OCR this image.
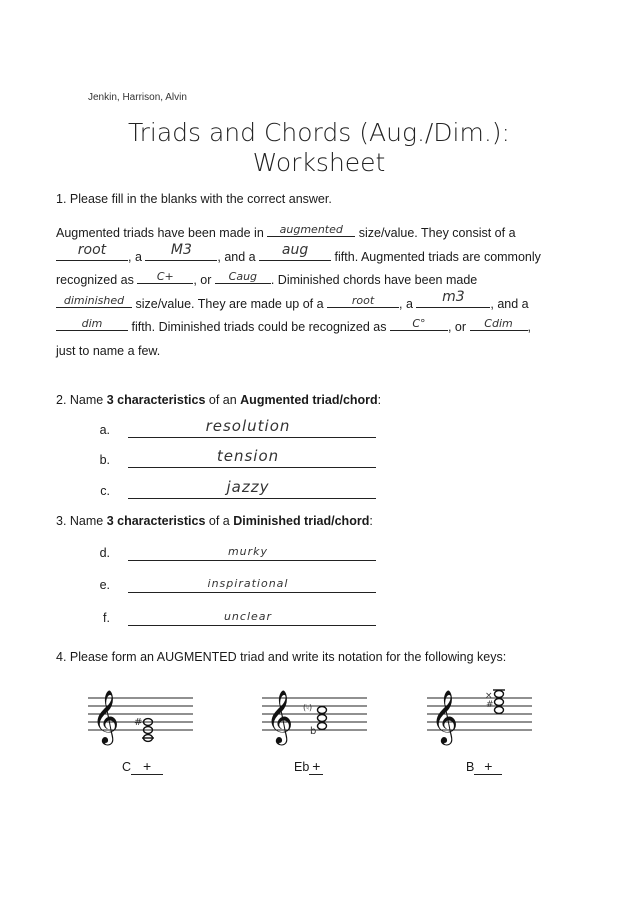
Jenkin, Harrison, Alvin
Triads and Chords (Aug./Dim.):
Worksheet
1. Please fill in the blanks with the correct answer.
Augmented triads have been made in	augmented size/value. They consist of a
root	, a	M3	, and a	aug	fifth. Augmented triads are commonly
recognized as	C+	, or	Caug	. Diminished chords have been made
diminished size/value. They are made up of a	root	, a	m3	, and a
dim	fifth. Diminished triads could be recognized as	C°	, or	Cdim	,
just to name a few.
2. Name 3 characteristics of an Augmented triad/chord:
a.	resolution
b.	tension
c.	jazzy
3. Name 3 characteristics of a Diminished triad/chord:
d.	murky
e.	inspirational
f.	unclear
4. Please form an AUGMENTED triad and write its notation for the following keys:
𝄞 #
C +
𝄞 (♮)
b
Eb +
𝄞	×
#
B +
